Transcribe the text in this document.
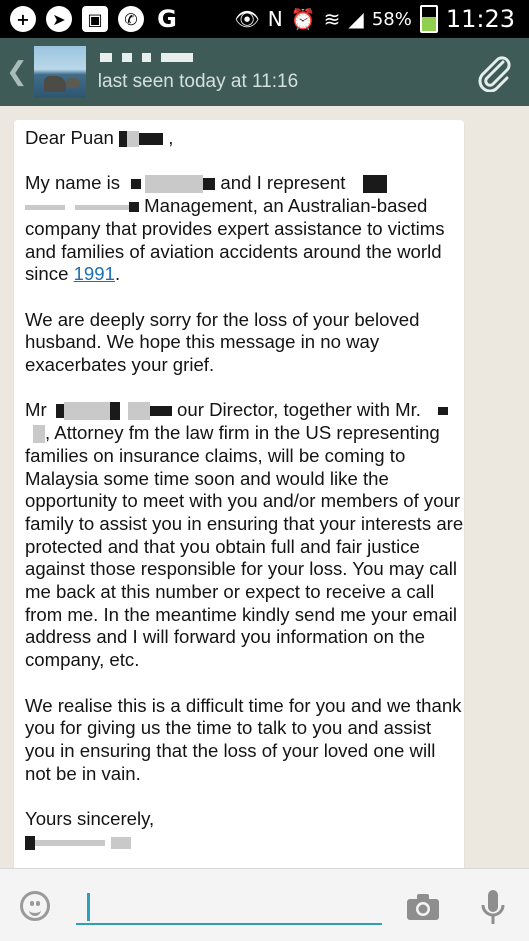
+	➤	▣	✆ G	👁 N ⏰ ≋ ◢ 58% 11:23
❮	last seen today at 11:16

Dear Puan	,

My name is	and I represent
Management, an Australian-based company that provides expert assistance to victims and families of aviation accidents around the world since 1991.

We are deeply sorry for the loss of your beloved husband. We hope this message in no way exacerbates your grief.

Mr	our Director, together with Mr. , Attorney fm the law firm in the US representing families on insurance claims, will be coming to Malaysia some time soon and would like the opportunity to meet with you and/or members of your family to assist you in ensuring that your interests are protected and that you obtain full and fair justice against those responsible for your loss. You may call me back at this number or expect to receive a call from me. In the meantime kindly send me your email address and I will forward you information on the company, etc.

We realise this is a difficult time for you and we thank you for giving us the time to talk to you and assist you in ensuring that the loss of your loved one will not be in vain.

Yours sincerely,
